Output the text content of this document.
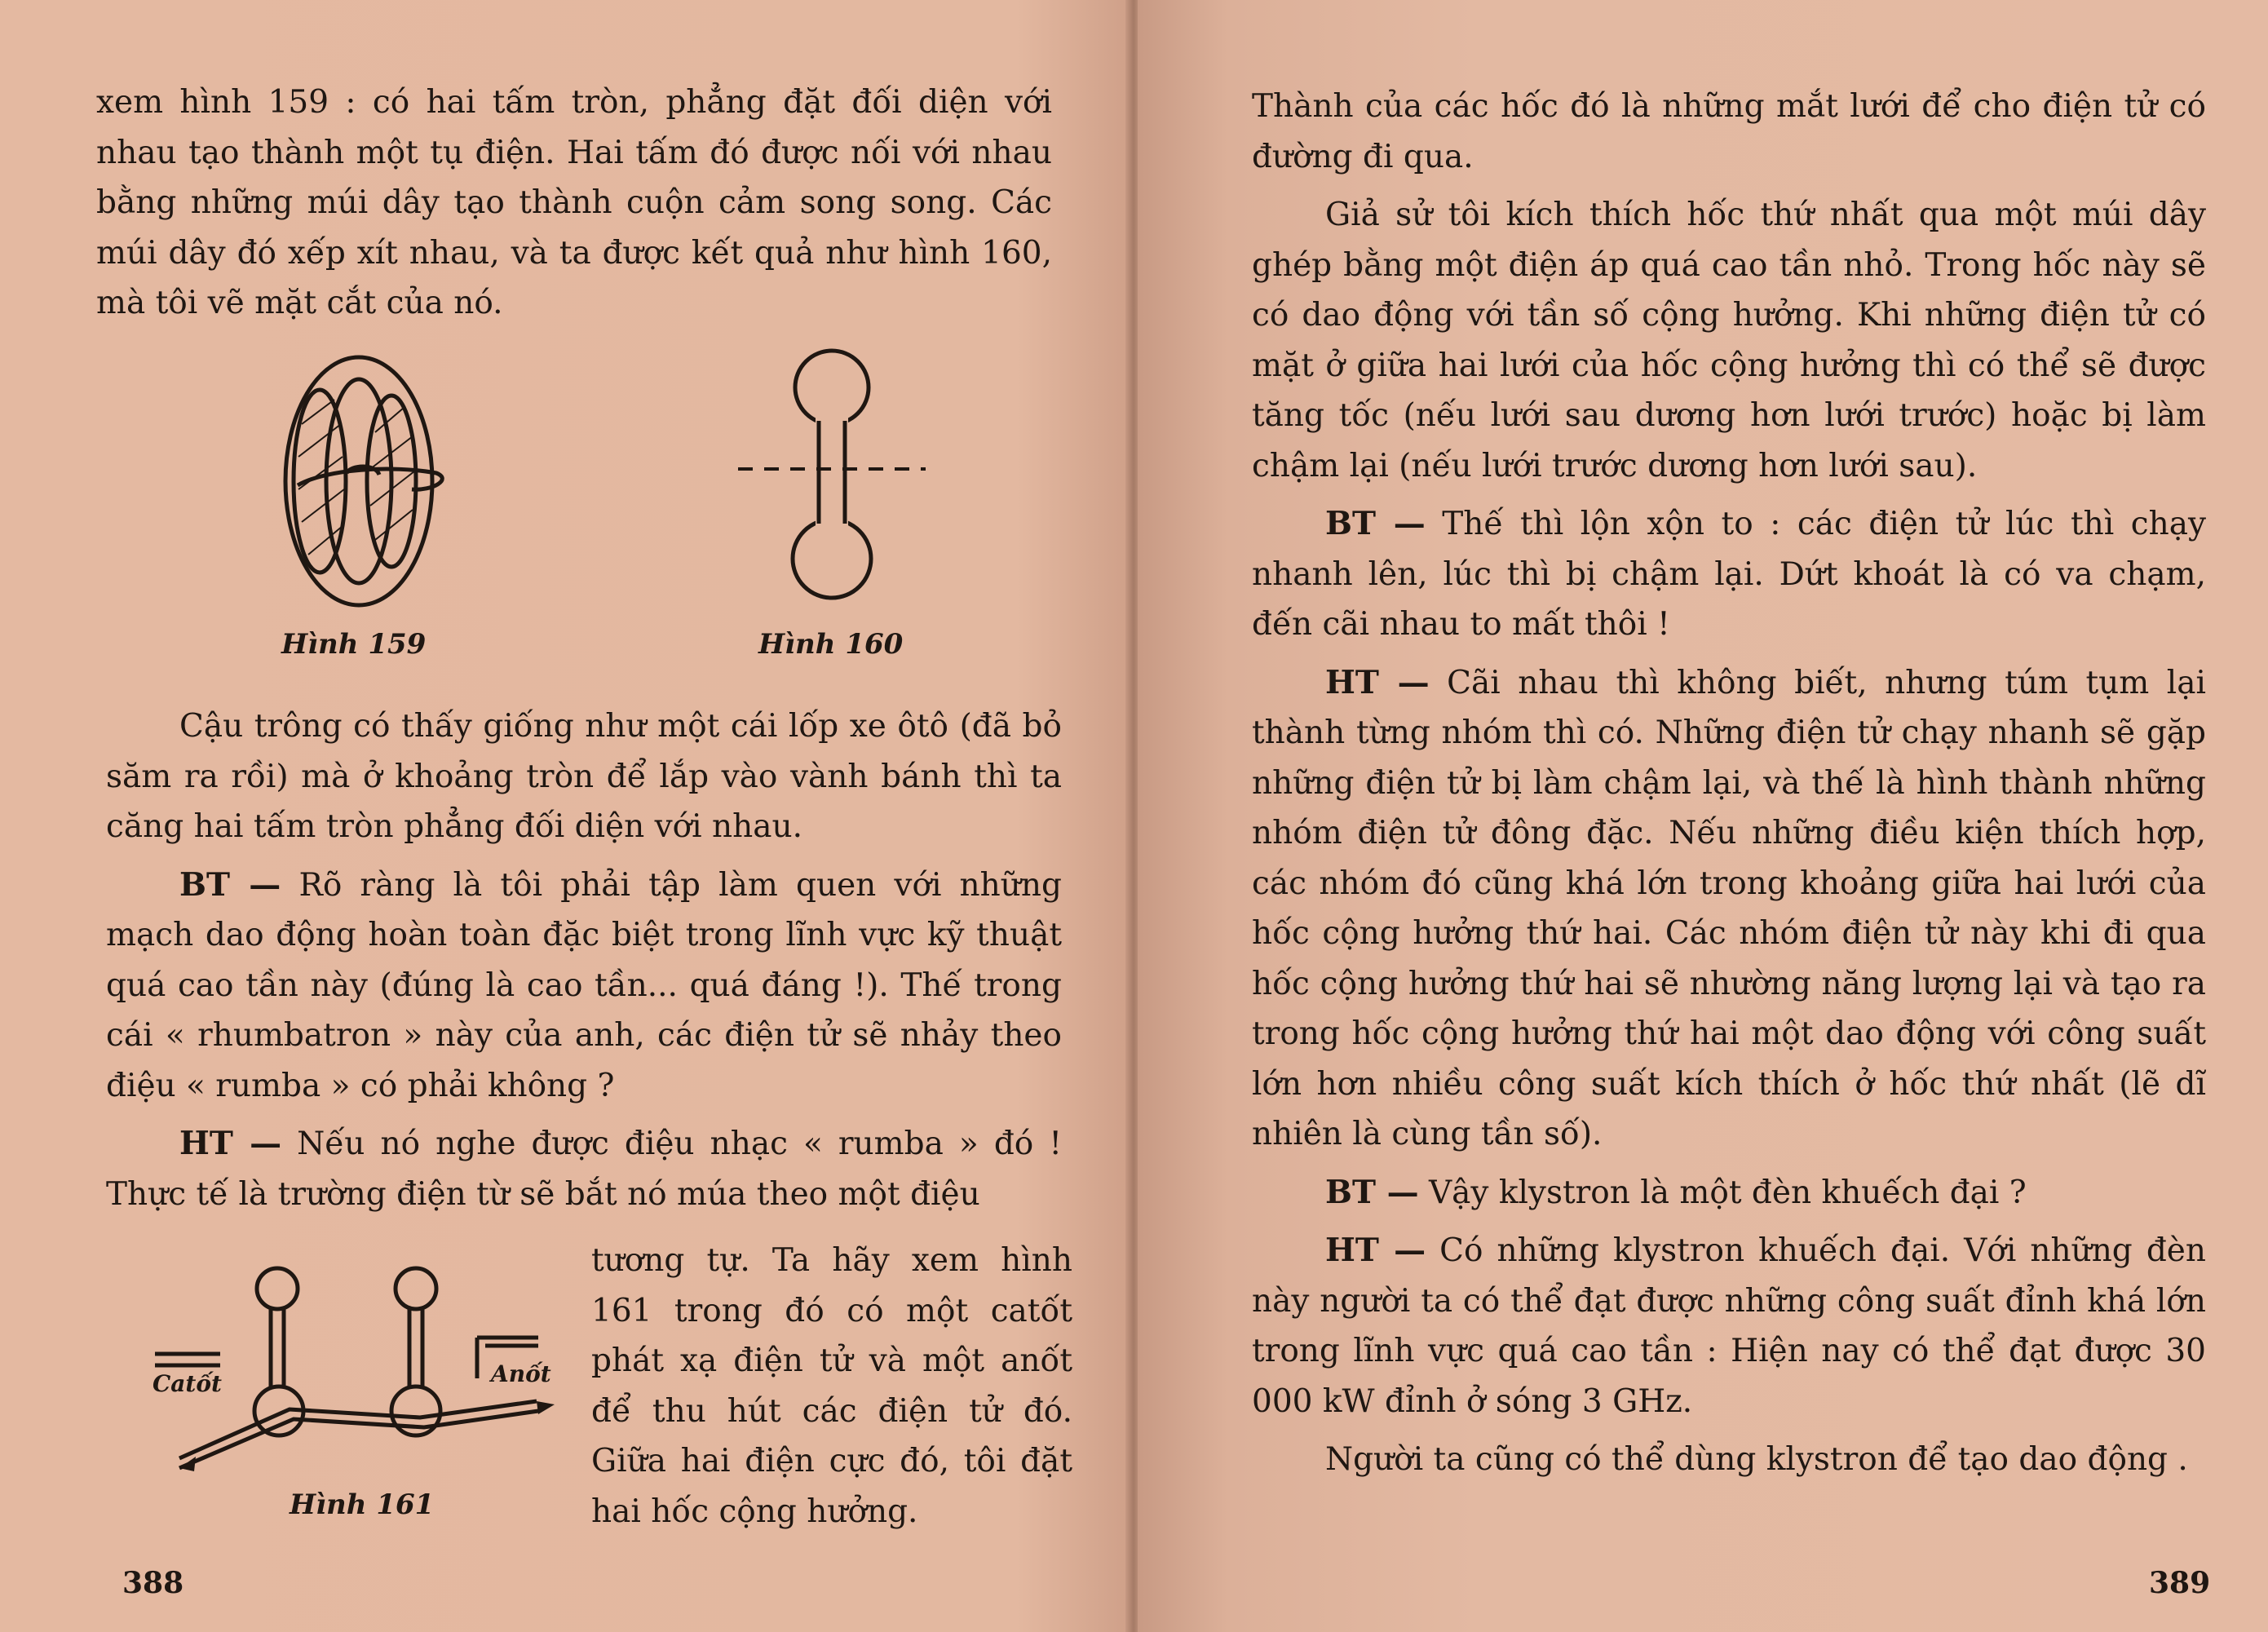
xem hình 159 : có hai tấm tròn, phẳng đặt đối diện với nhau tạo thành một tụ điện. Hai tấm đó được nối với nhau bằng những múi dây tạo thành cuộn cảm song song. Các múi dây đó xếp xít nhau, và ta được kết quả như hình 160, mà tôi vẽ mặt cắt của nó.

Hình 159	Hình 160

Cậu trông có thấy giống như một cái lốp xe ôtô (đã bỏ săm ra rồi) mà ở khoảng tròn để lắp vào vành bánh thì ta căng hai tấm tròn phẳng đối diện với nhau.

BT — Rõ ràng là tôi phải tập làm quen với những mạch dao động hoàn toàn đặc biệt trong lĩnh vực kỹ thuật quá cao tần này (đúng là cao tần... quá đáng !). Thế trong cái « rhumbatron » này của anh, các điện tử sẽ nhảy theo điệu « rumba » có phải không ?

HT — Nếu nó nghe được điệu nhạc « rumba » đó ! Thực tế là trường điện từ sẽ bắt nó múa theo một điệu

Catốt	Anốt
Hình 161

tương tự. Ta hãy xem hình 161 trong đó có một catốt phát xạ điện tử và một anốt để thu hút các điện tử đó. Giữa hai điện cực đó, tôi đặt hai hốc cộng hưởng.

388

Thành của các hốc đó là những mắt lưới để cho điện tử có đường đi qua.

Giả sử tôi kích thích hốc thứ nhất qua một múi dây ghép bằng một điện áp quá cao tần nhỏ. Trong hốc này sẽ có dao động với tần số cộng hưởng. Khi những điện tử có mặt ở giữa hai lưới của hốc cộng hưởng thì có thể sẽ được tăng tốc (nếu lưới sau dương hơn lưới trước) hoặc bị làm chậm lại (nếu lưới trước dương hơn lưới sau).

BT — Thế thì lộn xộn to : các điện tử lúc thì chạy nhanh lên, lúc thì bị chậm lại. Dứt khoát là có va chạm, đến cãi nhau to mất thôi !

HT — Cãi nhau thì không biết, nhưng túm tụm lại thành từng nhóm thì có. Những điện tử chạy nhanh sẽ gặp những điện tử bị làm chậm lại, và thế là hình thành những nhóm điện tử đông đặc. Nếu những điều kiện thích hợp, các nhóm đó cũng khá lớn trong khoảng giữa hai lưới của hốc cộng hưởng thứ hai. Các nhóm điện tử này khi đi qua hốc cộng hưởng thứ hai sẽ nhường năng lượng lại và tạo ra trong hốc cộng hưởng thứ hai một dao động với công suất lớn hơn nhiều công suất kích thích ở hốc thứ nhất (lẽ dĩ nhiên là cùng tần số).

BT — Vậy klystron là một đèn khuếch đại ?

HT — Có những klystron khuếch đại. Với những đèn này người ta có thể đạt được những công suất đỉnh khá lớn trong lĩnh vực quá cao tần : Hiện nay có thể đạt được 30 000 kW đỉnh ở sóng 3 GHz.

Người ta cũng có thể dùng klystron để tạo dao động .

389
